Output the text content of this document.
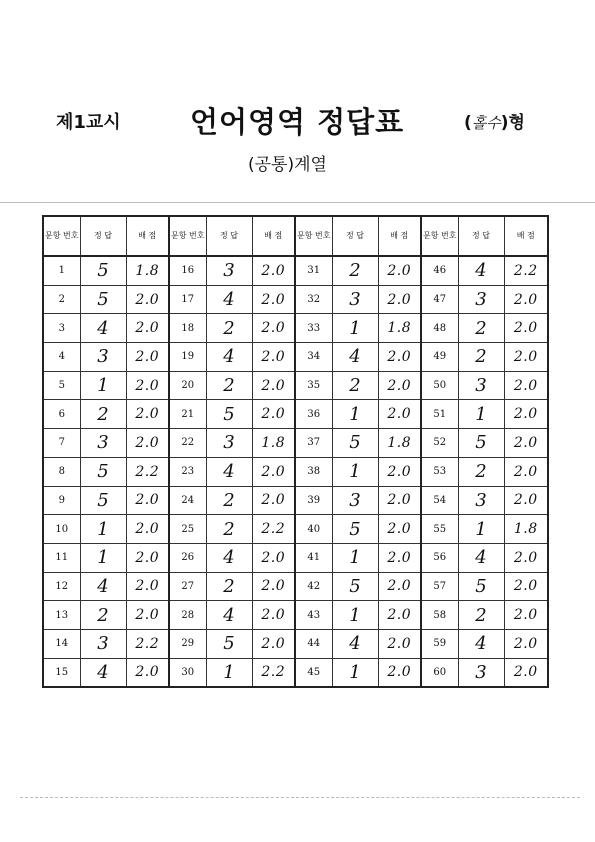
제1교시 언어영역 정답표	(홀수)형
(공통)계열
문항 번호	정 답	배 점	문항 번호	정 답	배 점	문항 번호	정 답	배 점	문항 번호	정 답	배 점
1	5	1.8	16	3	2.0	31	2	2.0	46	4	2.2
2	5	2.0	17	4	2.0	32	3	2.0	47	3	2.0
3	4	2.0	18	2	2.0	33	1	1.8	48	2	2.0
4	3	2.0	19	4	2.0	34	4	2.0	49	2	2.0
5	1	2.0	20	2	2.0	35	2	2.0	50	3	2.0
6	2	2.0	21	5	2.0	36	1	2.0	51	1	2.0
7	3	2.0	22	3	1.8	37	5	1.8	52	5	2.0
8	5	2.2	23	4	2.0	38	1	2.0	53	2	2.0
9	5	2.0	24	2	2.0	39	3	2.0	54	3	2.0
10	1	2.0	25	2	2.2	40	5	2.0	55	1	1.8
11	1	2.0	26	4	2.0	41	1	2.0	56	4	2.0
12	4	2.0	27	2	2.0	42	5	2.0	57	5	2.0
13	2	2.0	28	4	2.0	43	1	2.0	58	2	2.0
14	3	2.2	29	5	2.0	44	4	2.0	59	4	2.0
15	4	2.0	30	1	2.2	45	1	2.0	60	3	2.0
